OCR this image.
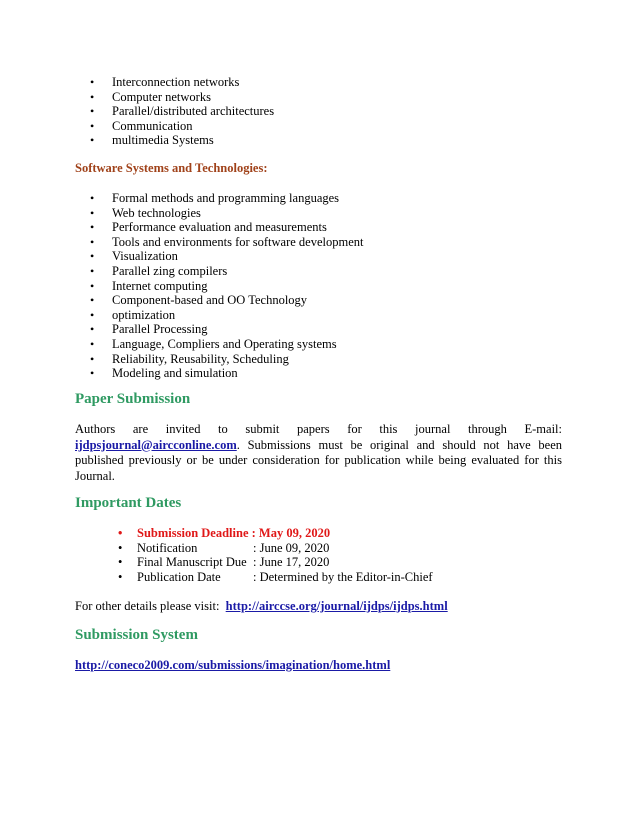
• Interconnection networks
• Computer networks
• Parallel/distributed architectures
• Communication
• multimedia Systems
Software Systems and Technologies:
• Formal methods and programming languages
• Web technologies
• Performance evaluation and measurements
• Tools and environments for software development
• Visualization
• Parallel zing compilers
• Internet computing
• Component-based and OO Technology
• optimization
• Parallel Processing
• Language, Compliers and Operating systems
• Reliability, Reusability, Scheduling
• Modeling and simulation
Paper Submission
Authors are invited to submit papers for this journal through E-mail:
ijdpsjournal@aircconline.com. Submissions must be original and should not have been
published previously or be under consideration for publication while being evaluated for this
Journal.
Important Dates
• Submission Deadline : May 09, 2020
• Notification	: June 09, 2020
• Final Manuscript Due : June 17, 2020
• Publication Date	: Determined by the Editor-in-Chief
For other details please visit: http://airccse.org/journal/ijdps/ijdps.html
Submission System
http://coneco2009.com/submissions/imagination/home.html
